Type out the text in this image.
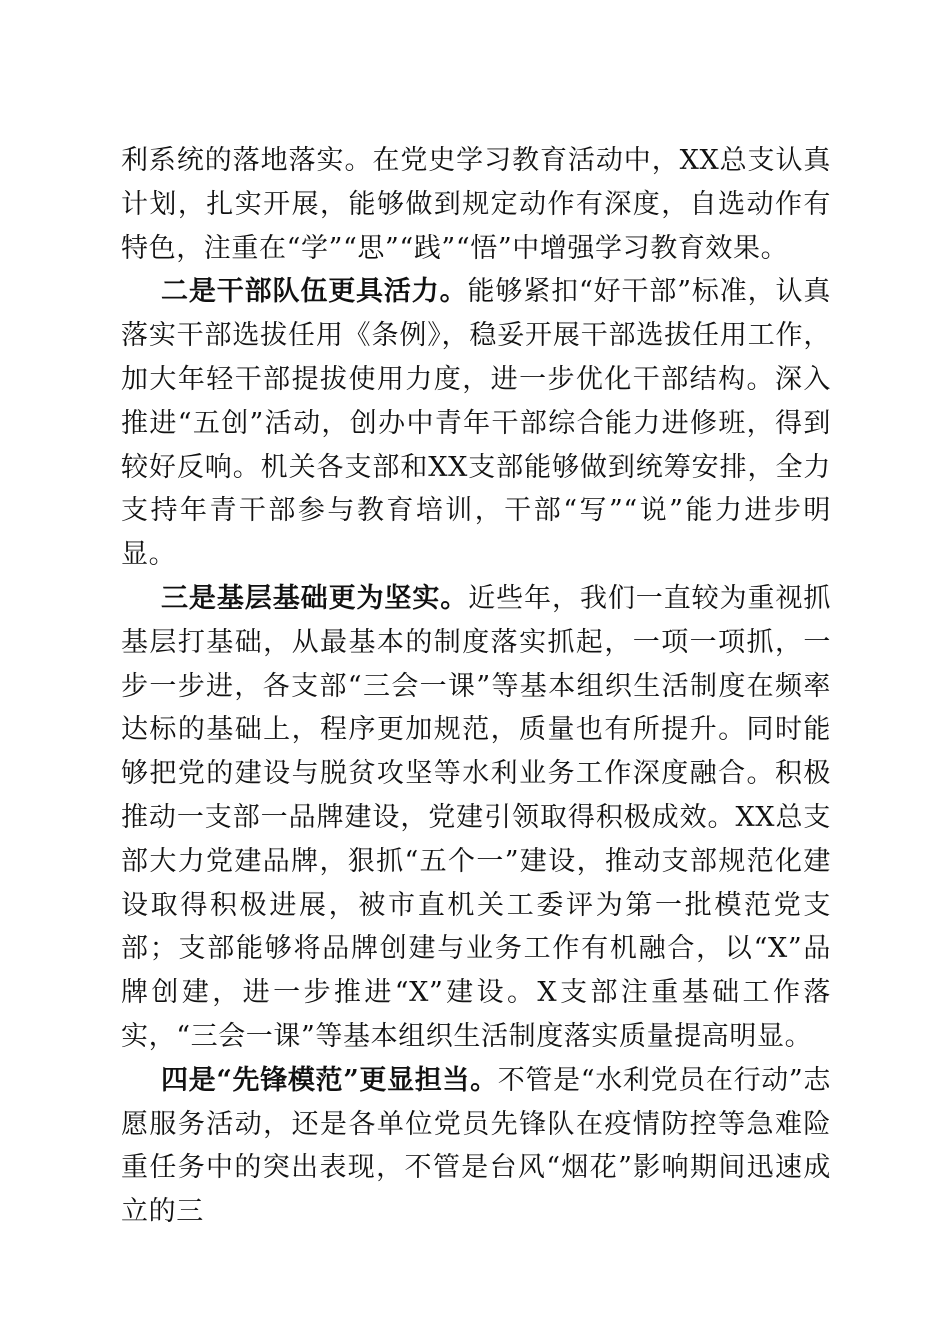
利系统的落地落实。在党史学习教育活动中，XX总支认真计划，扎实开展，能够做到规定动作有深度，自选动作有特色，注重在“学”“思”“践”“悟”中增强学习教育效果。

二是干部队伍更具活力。能够紧扣“好干部”标准，认真落实干部选拔任用《条例》，稳妥开展干部选拔任用工作，加大年轻干部提拔使用力度，进一步优化干部结构。深入推进“五创”活动，创办中青年干部综合能力进修班，得到较好反响。机关各支部和XX支部能够做到统筹安排，全力支持年青干部参与教育培训，干部“写”“说”能力进步明显。

三是基层基础更为坚实。近些年，我们一直较为重视抓基层打基础，从最基本的制度落实抓起，一项一项抓，一步一步进，各支部“三会一课”等基本组织生活制度在频率达标的基础上，程序更加规范，质量也有所提升。同时能够把党的建设与脱贫攻坚等水利业务工作深度融合。积极推动一支部一品牌建设，党建引领取得积极成效。XX总支部大力党建品牌，狠抓“五个一”建设，推动支部规范化建设取得积极进展，被市直机关工委评为第一批模范党支部；支部能够将品牌创建与业务工作有机融合，以“X”品牌创建，进一步推进“X”建设。X支部注重基础工作落实，“三会一课”等基本组织生活制度落实质量提高明显。

四是“先锋模范”更显担当。不管是“水利党员在行动”志愿服务活动，还是各单位党员先锋队在疫情防控等急难险重任务中的突出表现，不管是台风“烟花”影响期间迅速成立的三
